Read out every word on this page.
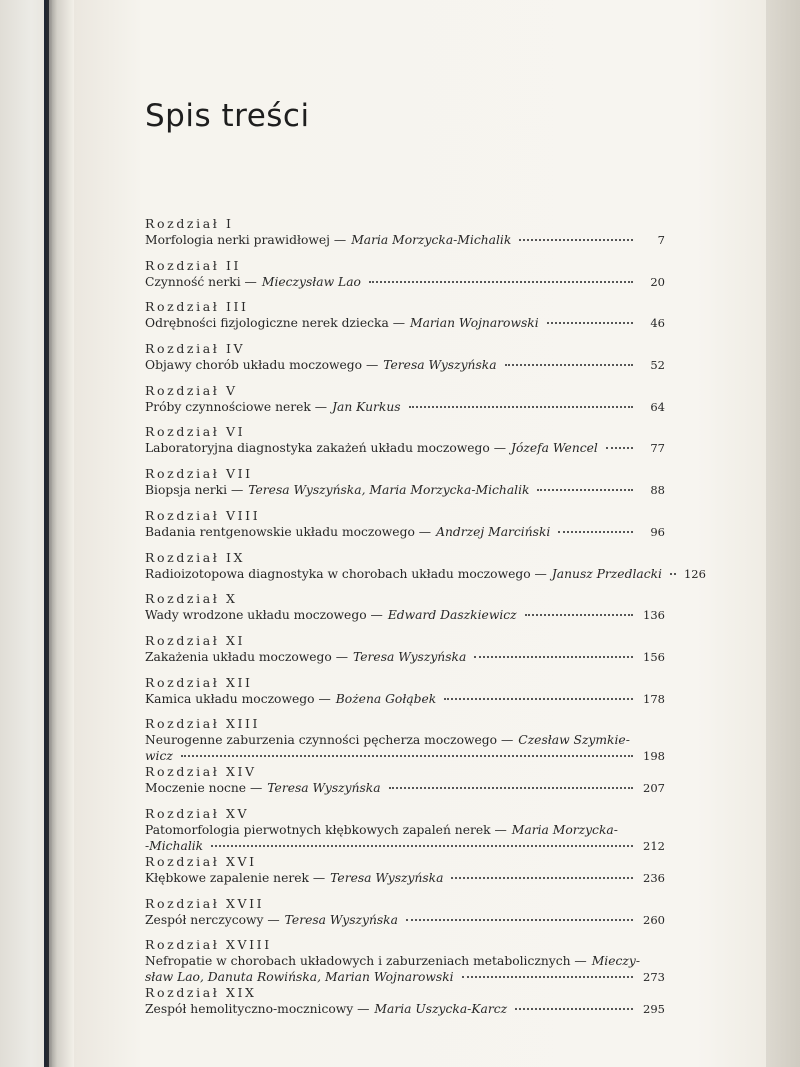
Spis treści
Rozdział I
Morfologia nerki prawidłowej — Maria Morzycka-Michalik	7
Rozdział II
Czynność nerki — Mieczysław Lao	20
Rozdział III
Odrębności fizjologiczne nerek dziecka — Marian Wojnarowski	46
Rozdział IV
Objawy chorób układu moczowego — Teresa Wyszyńska	52
Rozdział V
Próby czynnościowe nerek — Jan Kurkus	64
Rozdział VI
Laboratoryjna diagnostyka zakażeń układu moczowego — Józefa Wencel	77
Rozdział VII
Biopsja nerki — Teresa Wyszyńska, Maria Morzycka-Michalik	88
Rozdział VIII
Badania rentgenowskie układu moczowego — Andrzej Marciński	96
Rozdział IX
Radioizotopowa diagnostyka w chorobach układu moczowego — Janusz Przedlacki 126
Rozdział X
Wady wrodzone układu moczowego — Edward Daszkiewicz	136
Rozdział XI
Zakażenia układu moczowego — Teresa Wyszyńska	156
Rozdział XII
Kamica układu moczowego — Bożena Gołąbek	178
Rozdział XIII
Neurogenne zaburzenia czynności pęcherza moczowego — Czesław Szymkie-
wicz	198
Rozdział XIV
Moczenie nocne — Teresa Wyszyńska	207
Rozdział XV
Patomorfologia pierwotnych kłębkowych zapaleń nerek — Maria Morzycka-
-Michalik	212
Rozdział XVI
Kłębkowe zapalenie nerek — Teresa Wyszyńska	236
Rozdział XVII
Zespół nerczycowy — Teresa Wyszyńska	260
Rozdział XVIII
Nefropatie w chorobach układowych i zaburzeniach metabolicznych — Mieczy-
sław Lao, Danuta Rowińska, Marian Wojnarowski	273
Rozdział XIX
Zespół hemolityczno-mocznicowy — Maria Uszycka-Karcz	295
